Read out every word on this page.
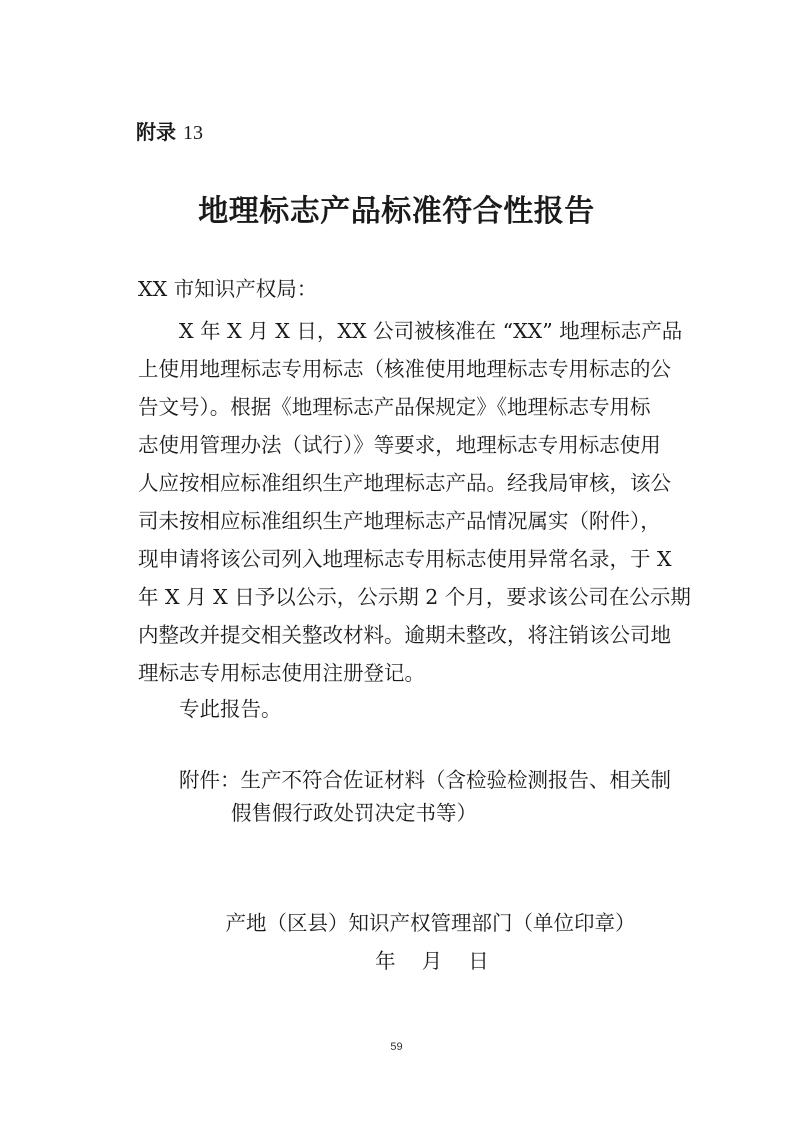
附录 13
地理标志产品标准符合性报告
XX 市知识产权局：
X 年 X 月 X 日，XX 公司被核准在 “XX” 地理标志产品
上使用地理标志专用标志（核准使用地理标志专用标志的公
告文号）。根据《地理标志产品保规定》《地理标志专用标
志使用管理办法（试行）》等要求，地理标志专用标志使用
人应按相应标准组织生产地理标志产品。经我局审核，该公
司未按相应标准组织生产地理标志产品情况属实（附件），
现申请将该公司列入地理标志专用标志使用异常名录，于 X
年 X 月 X 日予以公示，公示期 2 个月，要求该公司在公示期
内整改并提交相关整改材料。逾期未整改，将注销该公司地
理标志专用标志使用注册登记。
专此报告。
附件：生产不符合佐证材料（含检验检测报告、相关制
假售假行政处罚决定书等）
产地（区县）知识产权管理部门（单位印章）
年    月    日
59
